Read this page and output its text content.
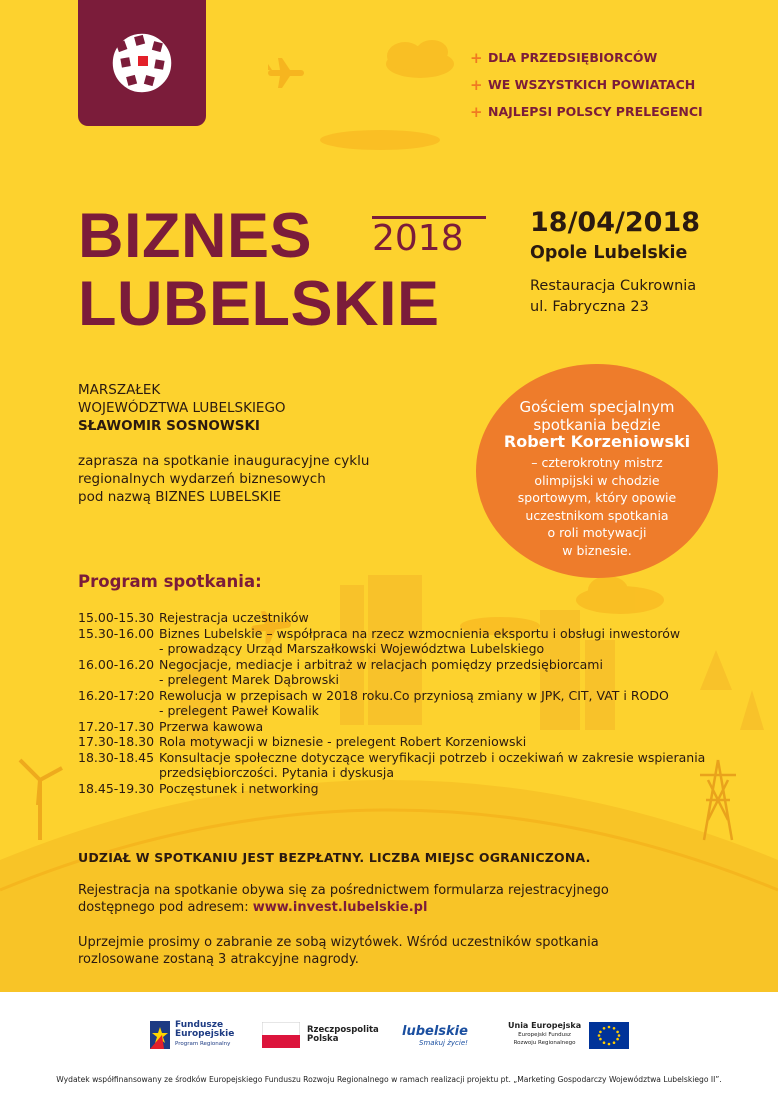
+ DLA PRZEDSIĘBIORCÓW
+ WE WSZYSTKICH POWIATACH
+ NAJLEPSI POLSCY PRELEGENCI
BIZNES 2018
LUBELSKIE
18/04/2018
Opole Lubelskie
Restauracja Cukrownia
ul. Fabryczna 23
MARSZAŁEK
WOJEWÓDZTWA LUBELSKIEGO
SŁAWOMIR SOSNOWSKI
zaprasza na spotkanie inauguracyjne cyklu
regionalnych wydarzeń biznesowych
pod nazwą BIZNES LUBELSKIE
Gościem specjalnym
spotkania będzie
Robert Korzeniowski
– czterokrotny mistrz
olimpijski w chodzie
sportowym, który opowie
uczestnikom spotkania
o roli motywacji
w biznesie.
Program spotkania:
15.00-15.30 Rejestracja uczestników
15.30-16.00 Biznes Lubelskie – współpraca na rzecz wzmocnienia eksportu i obsługi inwestorów
- prowadzący Urząd Marszałkowski Województwa Lubelskiego
16.00-16.20 Negocjacje, mediacje i arbitraż w relacjach pomiędzy przedsiębiorcami
- prelegent Marek Dąbrowski
16.20-17:20 Rewolucja w przepisach w 2018 roku.Co przyniosą zmiany w JPK, CIT, VAT i RODO
- prelegent Paweł Kowalik
17.20-17.30 Przerwa kawowa
17.30-18.30 Rola motywacji w biznesie - prelegent Robert Korzeniowski
18.30-18.45 Konsultacje społeczne dotyczące weryfikacji potrzeb i oczekiwań w zakresie wspierania
przedsiębiorczości. Pytania i dyskusja
18.45-19.30 Poczęstunek i networking
UDZIAŁ W SPOTKANIU JEST BEZPŁATNY. LICZBA MIEJSC OGRANICZONA.
Rejestracja na spotkanie obywa się za pośrednictwem formularza rejestracyjnego
dostępnego pod adresem: www.invest.lubelskie.pl
Uprzejmie prosimy o zabranie ze sobą wizytówek. Wśród uczestników spotkania
rozlosowane zostaną 3 atrakcyjne nagrody.
Fundusze
Europejskie
Program Regionalny
Rzeczpospolita
Polska
lubelskie
Smakuj życie!
Unia Europejska
Europejski Fundusz
Rozwoju Regionalnego
Wydatek współfinansowany ze środków Europejskiego Funduszu Rozwoju Regionalnego w ramach realizacji projektu pt. „Marketing Gospodarczy Województwa Lubelskiego II”.
